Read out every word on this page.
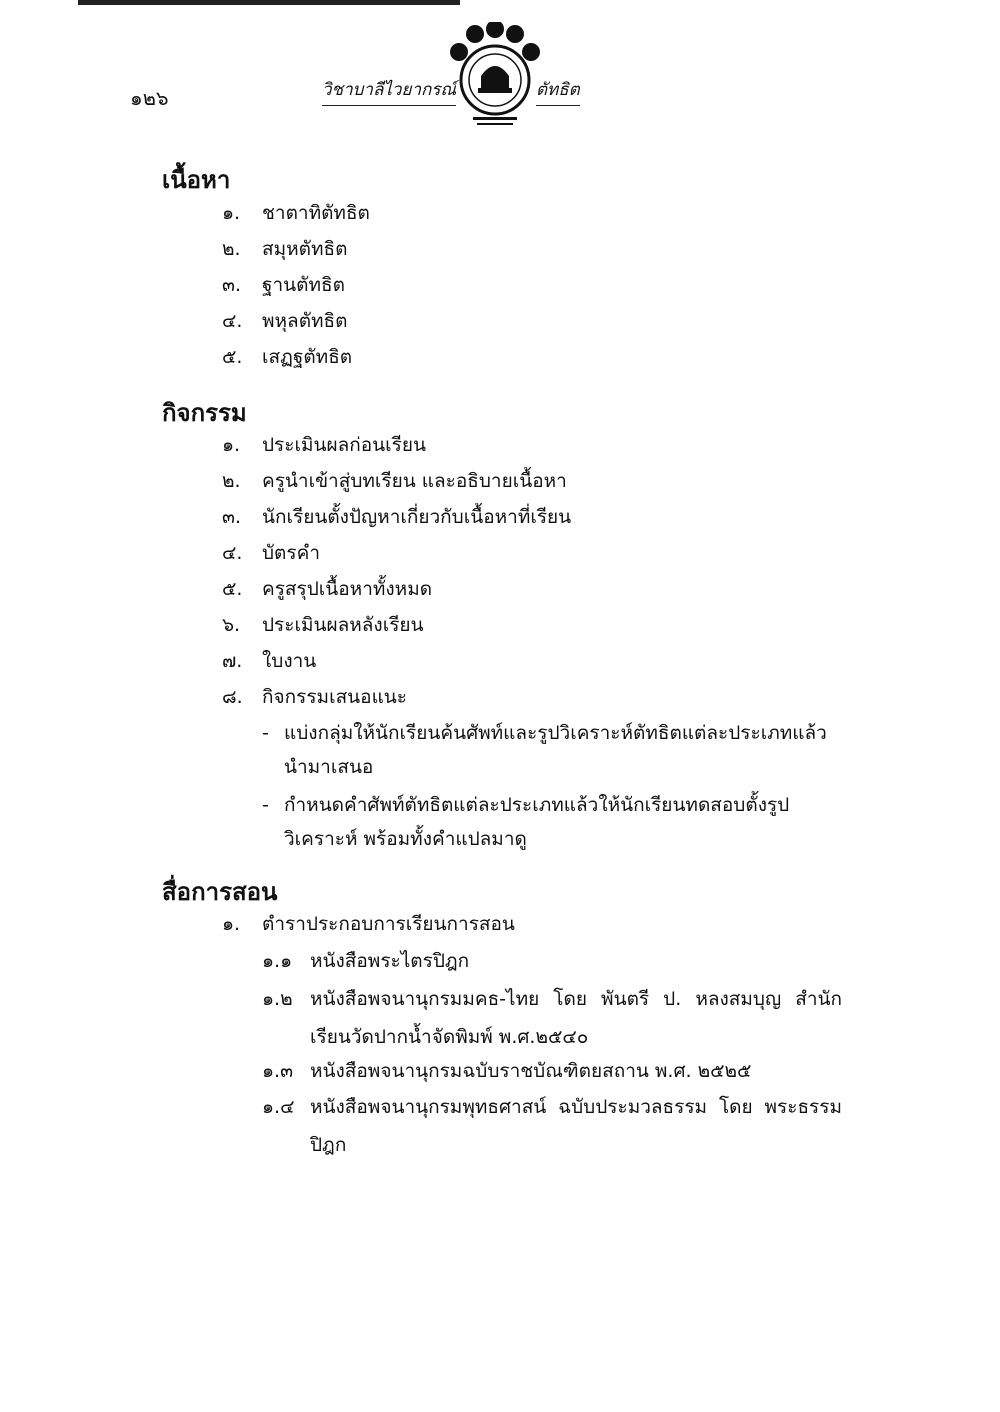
๑๒๖	วิชาบาลีไวยากรณ์	ตัทธิต
เนื้อหา
๑. ชาตาทิตัทธิต
๒. สมุหตัทธิต
๓. ฐานตัทธิต
๔. พหุลตัทธิต
๕. เสฏฐตัทธิต
กิจกรรม
๑. ประเมินผลก่อนเรียน
๒. ครูนำเข้าสู่บทเรียน และอธิบายเนื้อหา
๓. นักเรียนตั้งปัญหาเกี่ยวกับเนื้อหาที่เรียน
๔. บัตรคำ
๕. ครูสรุปเนื้อหาทั้งหมด
๖. ประเมินผลหลังเรียน
๗. ใบงาน
๘. กิจกรรมเสนอแนะ
- แบ่งกลุ่มให้นักเรียนค้นศัพท์และรูปวิเคราะห์ตัทธิตแต่ละประเภทแล้วนำมาเสนอ
- กำหนดคำศัพท์ตัทธิตแต่ละประเภทแล้วให้นักเรียนทดสอบตั้งรูปวิเคราะห์ พร้อมทั้งคำแปลมาดู
สื่อการสอน
๑. ตำราประกอบการเรียนการสอน
๑.๑ หนังสือพระไตรปิฎก
๑.๒ หนังสือพจนานุกรมมคธ-ไทย โดย พันตรี ป. หลงสมบุญ สำนักเรียนวัดปากน้ำจัดพิมพ์ พ.ศ.๒๕๔๐
๑.๓ หนังสือพจนานุกรมฉบับราชบัณฑิตยสถาน พ.ศ. ๒๕๒๕
๑.๔ หนังสือพจนานุกรมพุทธศาสน์ ฉบับประมวลธรรม โดย พระธรรมปิฎก
